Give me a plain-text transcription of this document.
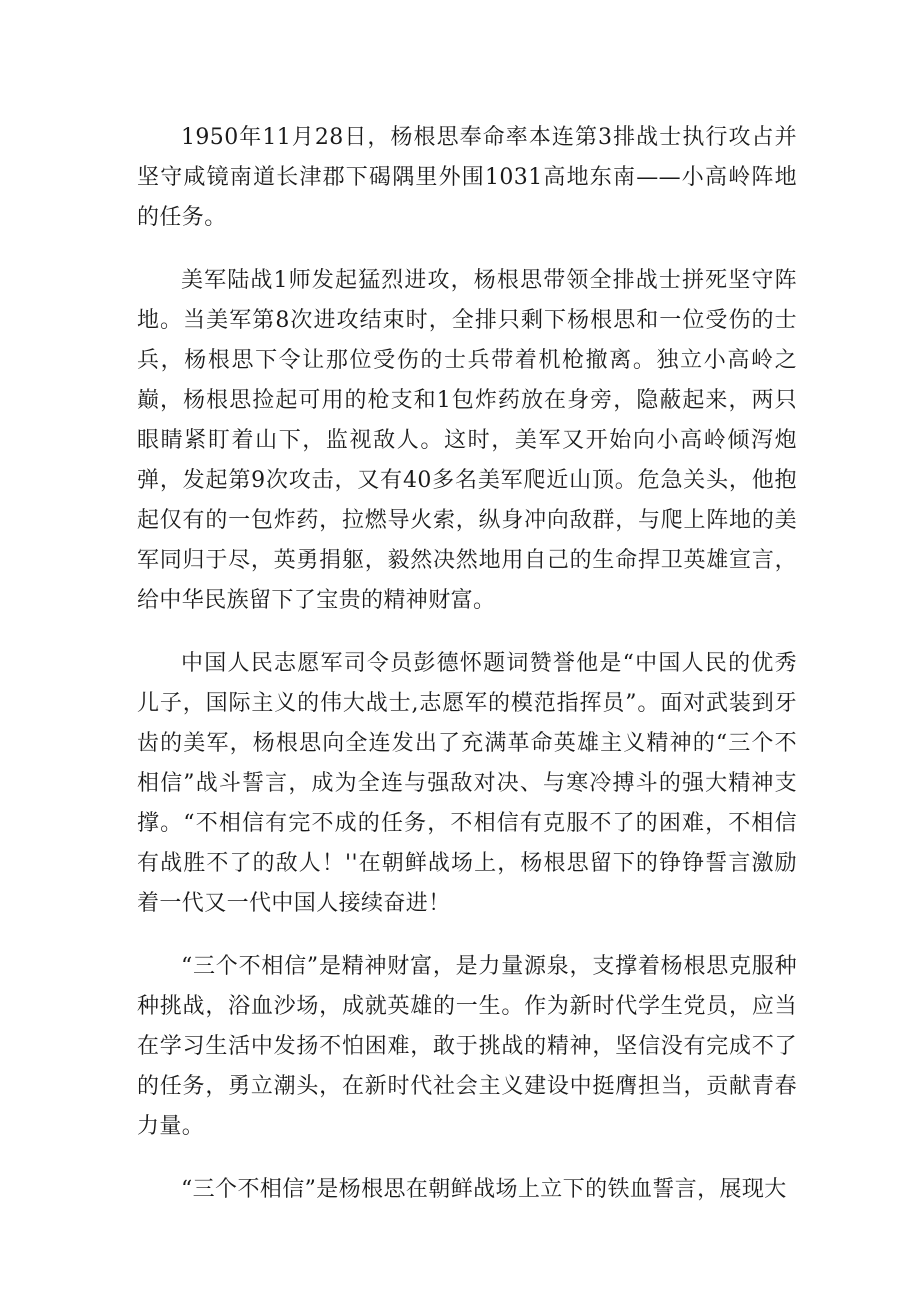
1950年11月28日，杨根思奉命率本连第3排战士执行攻占并坚守咸镜南道长津郡下碣隅里外围1031高地东南——小高岭阵地的任务。

美军陆战1师发起猛烈进攻，杨根思带领全排战士拼死坚守阵地。当美军第8次进攻结束时，全排只剩下杨根思和一位受伤的士兵，杨根思下令让那位受伤的士兵带着机枪撤离。独立小高岭之巅，杨根思捡起可用的枪支和1包炸药放在身旁，隐蔽起来，两只眼睛紧盯着山下，监视敌人。这时，美军又开始向小高岭倾泻炮弹，发起第9次攻击，又有40多名美军爬近山顶。危急关头，他抱起仅有的一包炸药，拉燃导火索，纵身冲向敌群，与爬上阵地的美军同归于尽，英勇捐躯，毅然决然地用自己的生命捍卫英雄宣言，给中华民族留下了宝贵的精神财富。

中国人民志愿军司令员彭德怀题词赞誉他是“中国人民的优秀儿子，国际主义的伟大战士,志愿军的模范指挥员”。面对武装到牙齿的美军，杨根思向全连发出了充满革命英雄主义精神的“三个不相信”战斗誓言，成为全连与强敌对决、与寒冷搏斗的强大精神支撑。“不相信有完不成的任务，不相信有克服不了的困难，不相信有战胜不了的敌人！''在朝鲜战场上，杨根思留下的铮铮誓言激励着一代又一代中国人接续奋进！

“三个不相信”是精神财富，是力量源泉，支撑着杨根思克服种种挑战，浴血沙场，成就英雄的一生。作为新时代学生党员，应当在学习生活中发扬不怕困难，敢于挑战的精神，坚信没有完成不了的任务，勇立潮头，在新时代社会主义建设中挺膺担当，贡献青春力量。

“三个不相信”是杨根思在朝鲜战场上立下的铁血誓言，展现大
